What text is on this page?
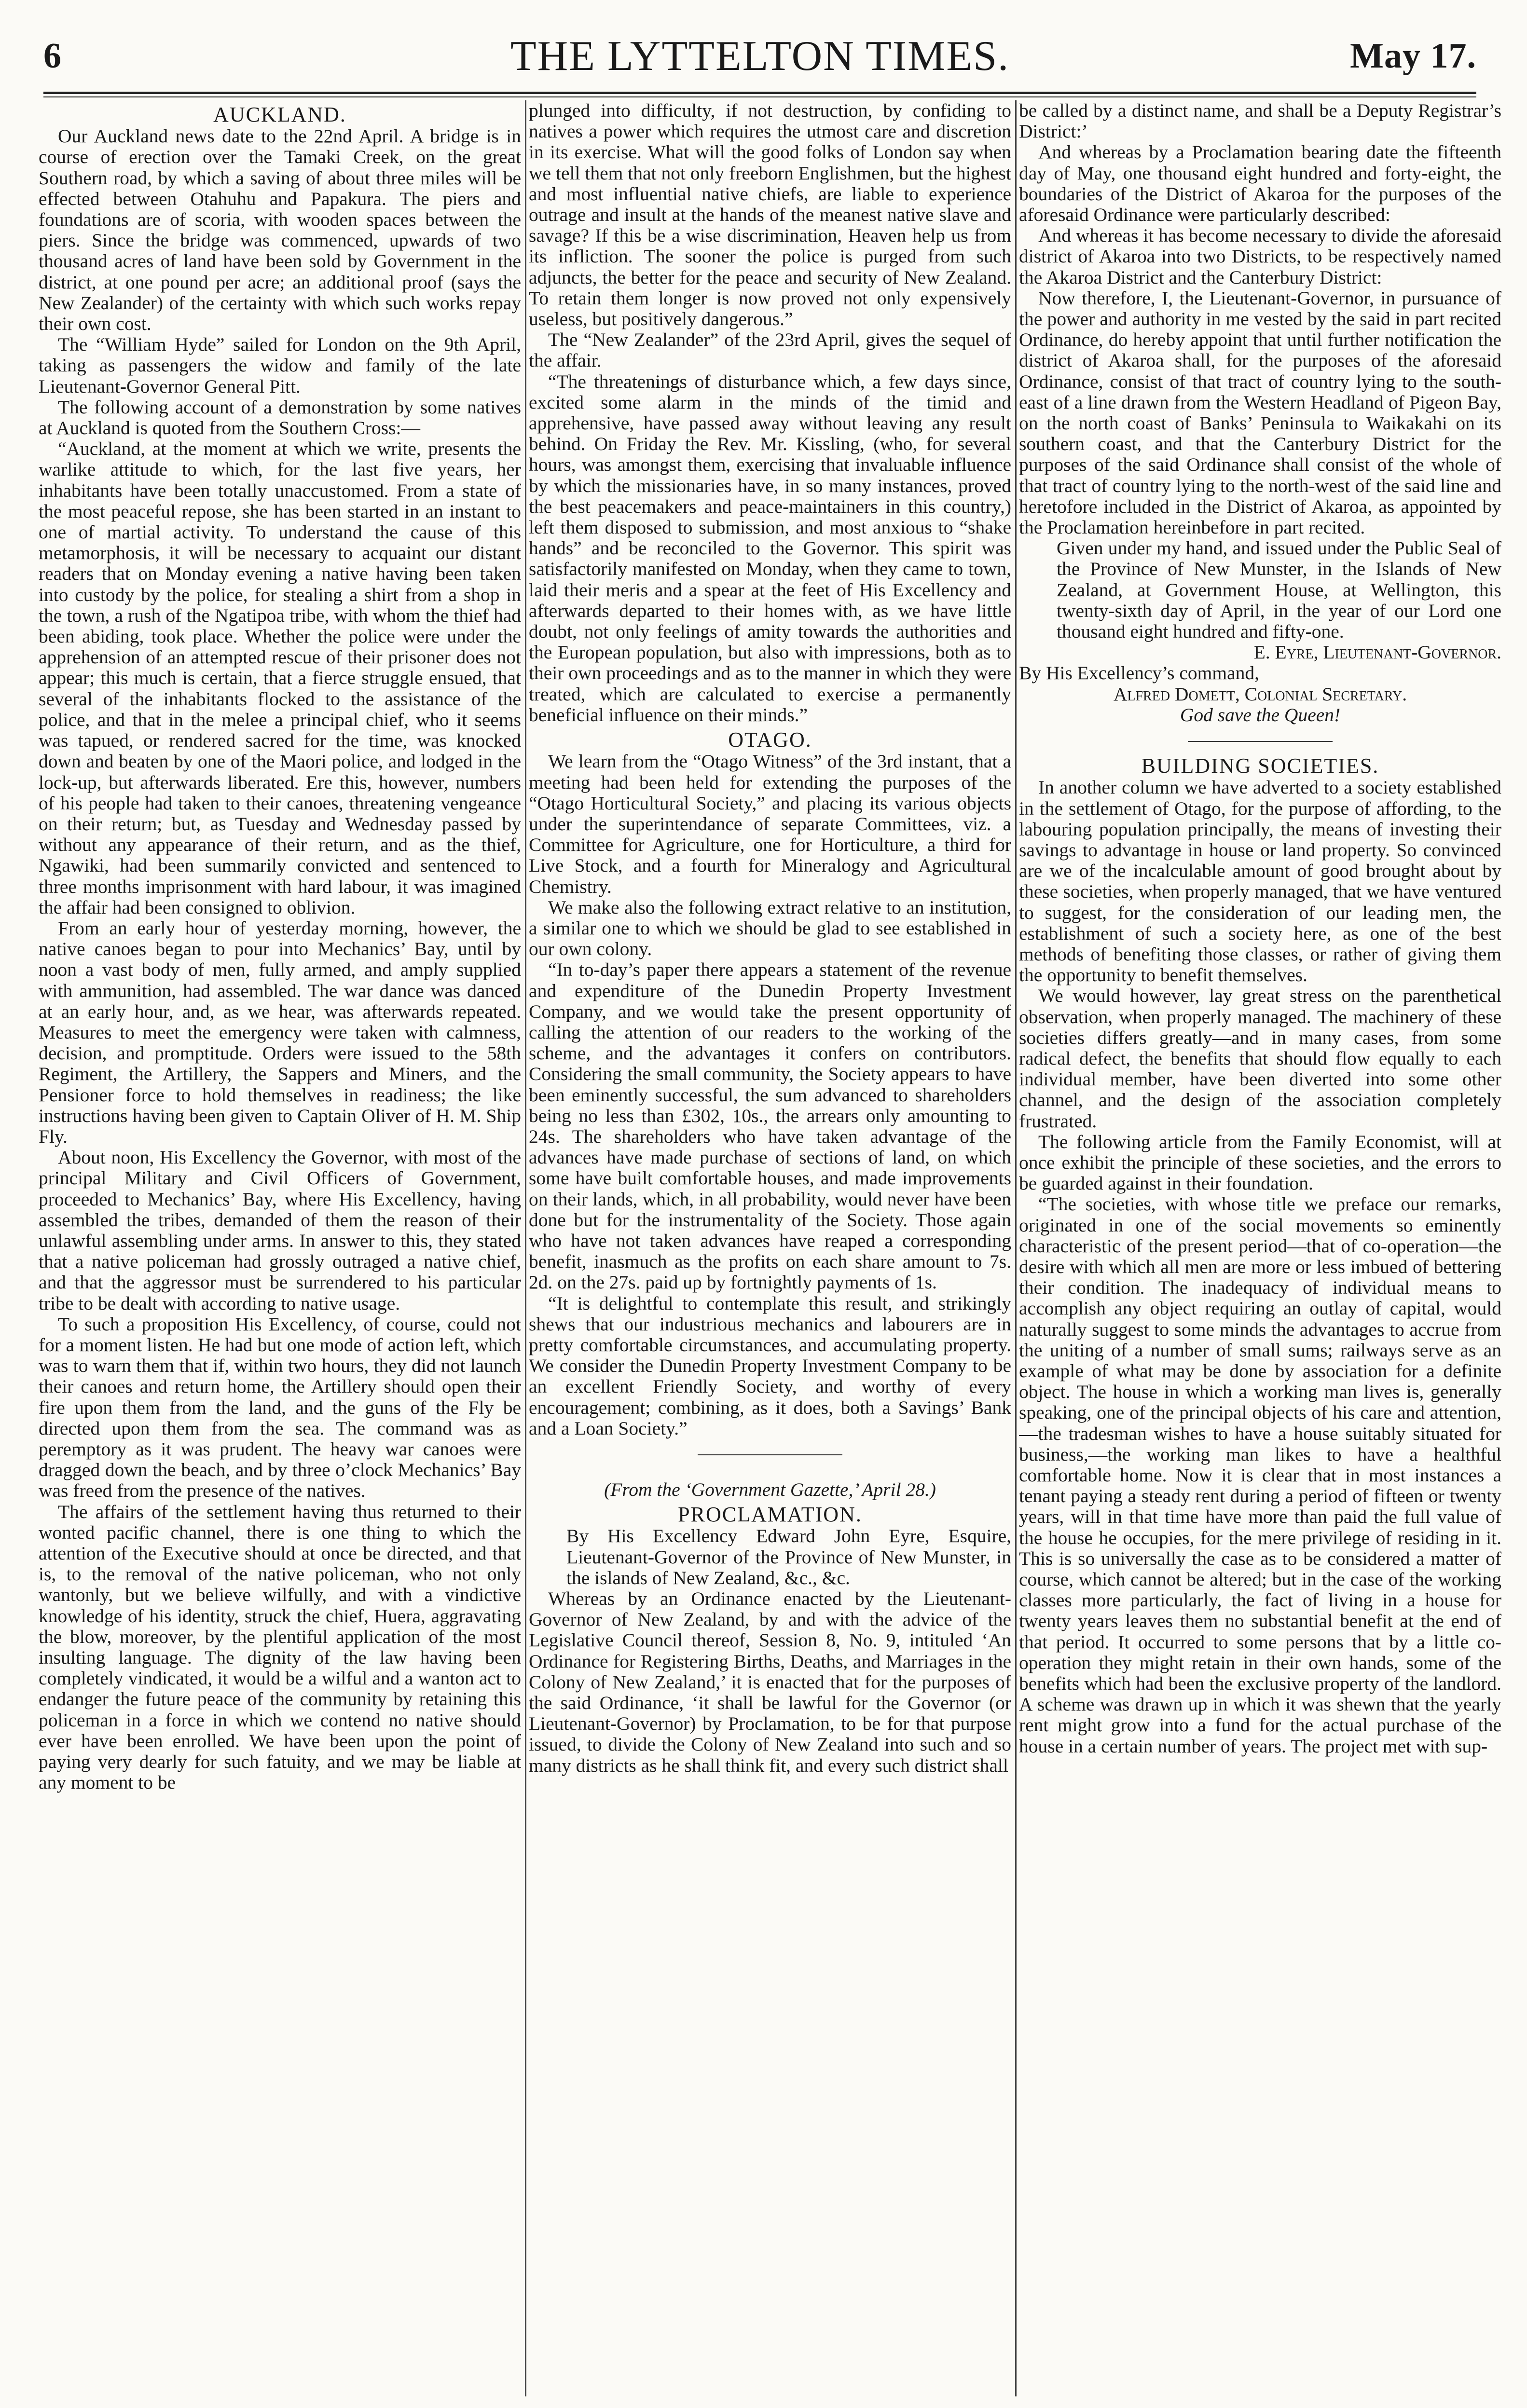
6	THE LYTTELTON TIMES.	May 17.
AUCKLAND.

Our Auckland news date to the 22nd April. A bridge is in course of erection over the Tamaki Creek, on the great Southern road, by which a saving of about three miles will be effected between Otahuhu and Papakura. The piers and foundations are of scoria, with wooden spaces between the piers. Since the bridge was commenced, upwards of two thousand acres of land have been sold by Government in the district, at one pound per acre; an additional proof (says the New Zealander) of the certainty with which such works repay their own cost.

The “William Hyde” sailed for London on the 9th April, taking as passengers the widow and family of the late Lieutenant-Governor General Pitt.

The following account of a demonstration by some natives at Auckland is quoted from the Southern Cross:—

“Auckland, at the moment at which we write, presents the warlike attitude to which, for the last five years, her inhabitants have been totally unaccustomed. From a state of the most peaceful repose, she has been started in an instant to one of martial activity. To understand the cause of this metamorphosis, it will be necessary to acquaint our distant readers that on Monday evening a native having been taken into custody by the police, for stealing a shirt from a shop in the town, a rush of the Ngatipoa tribe, with whom the thief had been abiding, took place. Whether the police were under the apprehension of an attempted rescue of their prisoner does not appear; this much is certain, that a fierce struggle ensued, that several of the inhabitants flocked to the assistance of the police, and that in the melee a principal chief, who it seems was tapued, or rendered sacred for the time, was knocked down and beaten by one of the Maori police, and lodged in the lock-up, but afterwards liberated. Ere this, however, numbers of his people had taken to their canoes, threatening vengeance on their return; but, as Tuesday and Wednesday passed by without any appearance of their return, and as the thief, Ngawiki, had been summarily convicted and sentenced to three months imprisonment with hard labour, it was imagined the affair had been consigned to oblivion.

From an early hour of yesterday morning, however, the native canoes began to pour into Mechanics’ Bay, until by noon a vast body of men, fully armed, and amply supplied with ammunition, had assembled. The war dance was danced at an early hour, and, as we hear, was afterwards repeated. Measures to meet the emergency were taken with calmness, decision, and promptitude. Orders were issued to the 58th Regiment, the Artillery, the Sappers and Miners, and the Pensioner force to hold themselves in readiness; the like instructions having been given to Captain Oliver of H. M. Ship Fly.

About noon, His Excellency the Governor, with most of the principal Military and Civil Officers of Government, proceeded to Mechanics’ Bay, where His Excellency, having assembled the tribes, demanded of them the reason of their unlawful assembling under arms. In answer to this, they stated that a native policeman had grossly outraged a native chief, and that the aggressor must be surrendered to his particular tribe to be dealt with according to native usage.

To such a proposition His Excellency, of course, could not for a moment listen. He had but one mode of action left, which was to warn them that if, within two hours, they did not launch their canoes and return home, the Artillery should open their fire upon them from the land, and the guns of the Fly be directed upon them from the sea. The command was as peremptory as it was prudent. The heavy war canoes were dragged down the beach, and by three o’clock Mechanics’ Bay was freed from the presence of the natives.

The affairs of the settlement having thus returned to their wonted pacific channel, there is one thing to which the attention of the Executive should at once be directed, and that is, to the removal of the native policeman, who not only wantonly, but we believe wilfully, and with a vindictive knowledge of his identity, struck the chief, Huera, aggravating the blow, moreover, by the plentiful application of the most insulting language. The dignity of the law having been completely vindicated, it would be a wilful and a wanton act to endanger the future peace of the community by retaining this policeman in a force in which we contend no native should ever have been enrolled. We have been upon the point of paying very dearly for such fatuity, and we may be liable at any moment to be

plunged into difficulty, if not destruction, by confiding to natives a power which requires the utmost care and discretion in its exercise. What will the good folks of London say when we tell them that not only freeborn Englishmen, but the highest and most influential native chiefs, are liable to experience outrage and insult at the hands of the meanest native slave and savage? If this be a wise discrimination, Heaven help us from its infliction. The sooner the police is purged from such adjuncts, the better for the peace and security of New Zealand. To retain them longer is now proved not only expensively useless, but positively dangerous.”

The “New Zealander” of the 23rd April, gives the sequel of the affair.

“The threatenings of disturbance which, a few days since, excited some alarm in the minds of the timid and apprehensive, have passed away without leaving any result behind. On Friday the Rev. Mr. Kissling, (who, for several hours, was amongst them, exercising that invaluable influence by which the missionaries have, in so many instances, proved the best peacemakers and peace-maintainers in this country,) left them disposed to submission, and most anxious to “shake hands” and be reconciled to the Governor. This spirit was satisfactorily manifested on Monday, when they came to town, laid their meris and a spear at the feet of His Excellency and afterwards departed to their homes with, as we have little doubt, not only feelings of amity towards the authorities and the European population, but also with impressions, both as to their own proceedings and as to the manner in which they were treated, which are calculated to exercise a permanently beneficial influence on their minds.”

OTAGO.

We learn from the “Otago Witness” of the 3rd instant, that a meeting had been held for extending the purposes of the “Otago Horticultural Society,” and placing its various objects under the superintendance of separate Committees, viz. a Committee for Agriculture, one for Horticulture, a third for Live Stock, and a fourth for Mineralogy and Agricultural Chemistry.

We make also the following extract relative to an institution, a similar one to which we should be glad to see established in our own colony.

“In to-day’s paper there appears a statement of the revenue and expenditure of the Dunedin Property Investment Company, and we would take the present opportunity of calling the attention of our readers to the working of the scheme, and the advantages it confers on contributors. Considering the small community, the Society appears to have been eminently successful, the sum advanced to shareholders being no less than £302, 10s., the arrears only amounting to 24s. The shareholders who have taken advantage of the advances have made purchase of sections of land, on which some have built comfortable houses, and made improvements on their lands, which, in all probability, would never have been done but for the instrumentality of the Society. Those again who have not taken advances have reaped a corresponding benefit, inasmuch as the profits on each share amount to 7s. 2d. on the 27s. paid up by fortnightly payments of 1s.

“It is delightful to contemplate this result, and strikingly shews that our industrious mechanics and labourers are in pretty comfortable circumstances, and accumulating property. We consider the Dunedin Property Investment Company to be an excellent Friendly Society, and worthy of every encouragement; combining, as it does, both a Savings’ Bank and a Loan Society.”

(From the ‘Government Gazette,’ April 28.)

PROCLAMATION.

By His Excellency Edward John Eyre, Esquire, Lieutenant-Governor of the Province of New Munster, in the islands of New Zealand, &c., &c.

Whereas by an Ordinance enacted by the Lieutenant-Governor of New Zealand, by and with the advice of the Legislative Council thereof, Session 8, No. 9, intituled ‘An Ordinance for Registering Births, Deaths, and Marriages in the Colony of New Zealand,’ it is enacted that for the purposes of the said Ordinance, ‘it shall be lawful for the Governor (or Lieutenant-Governor) by Proclamation, to be for that purpose issued, to divide the Colony of New Zealand into such and so many districts as he shall think fit, and every such district shall

be called by a distinct name, and shall be a Deputy Registrar’s District:’

And whereas by a Proclamation bearing date the fifteenth day of May, one thousand eight hundred and forty-eight, the boundaries of the District of Akaroa for the purposes of the aforesaid Ordinance were particularly described:

And whereas it has become necessary to divide the aforesaid district of Akaroa into two Districts, to be respectively named the Akaroa District and the Canterbury District:

Now therefore, I, the Lieutenant-Governor, in pursuance of the power and authority in me vested by the said in part recited Ordinance, do hereby appoint that until further notification the district of Akaroa shall, for the purposes of the aforesaid Ordinance, consist of that tract of country lying to the south-east of a line drawn from the Western Headland of Pigeon Bay, on the north coast of Banks’ Peninsula to Waikakahi on its southern coast, and that the Canterbury District for the purposes of the said Ordinance shall consist of the whole of that tract of country lying to the north-west of the said line and heretofore included in the District of Akaroa, as appointed by the Proclamation hereinbefore in part recited.

Given under my hand, and issued under the Public Seal of the Province of New Munster, in the Islands of New Zealand, at Government House, at Wellington, this twenty-sixth day of April, in the year of our Lord one thousand eight hundred and fifty-one.

E. Eyre, Lieutenant-Governor.

By His Excellency’s command,

Alfred Domett, Colonial Secretary.

God save the Queen!

BUILDING SOCIETIES.

In another column we have adverted to a society established in the settlement of Otago, for the purpose of affording, to the labouring population principally, the means of investing their savings to advantage in house or land property. So convinced are we of the incalculable amount of good brought about by these societies, when properly managed, that we have ventured to suggest, for the consideration of our leading men, the establishment of such a society here, as one of the best methods of benefiting those classes, or rather of giving them the opportunity to benefit themselves.

We would however, lay great stress on the parenthetical observation, when properly managed. The machinery of these societies differs greatly—and in many cases, from some radical defect, the benefits that should flow equally to each individual member, have been diverted into some other channel, and the design of the association completely frustrated.

The following article from the Family Economist, will at once exhibit the principle of these societies, and the errors to be guarded against in their foundation.

“The societies, with whose title we preface our remarks, originated in one of the social movements so eminently characteristic of the present period—that of co-operation—the desire with which all men are more or less imbued of bettering their condition. The inadequacy of individual means to accomplish any object requiring an outlay of capital, would naturally suggest to some minds the advantages to accrue from the uniting of a number of small sums; railways serve as an example of what may be done by association for a definite object. The house in which a working man lives is, generally speaking, one of the principal objects of his care and attention,—the tradesman wishes to have a house suitably situated for business,—the working man likes to have a healthful comfortable home. Now it is clear that in most instances a tenant paying a steady rent during a period of fifteen or twenty years, will in that time have more than paid the full value of the house he occupies, for the mere privilege of residing in it. This is so universally the case as to be considered a matter of course, which cannot be altered; but in the case of the working classes more particularly, the fact of living in a house for twenty years leaves them no substantial benefit at the end of that period. It occurred to some persons that by a little co-operation they might retain in their own hands, some of the benefits which had been the exclusive property of the landlord. A scheme was drawn up in which it was shewn that the yearly rent might grow into a fund for the actual purchase of the house in a certain number of years. The project met with sup-
